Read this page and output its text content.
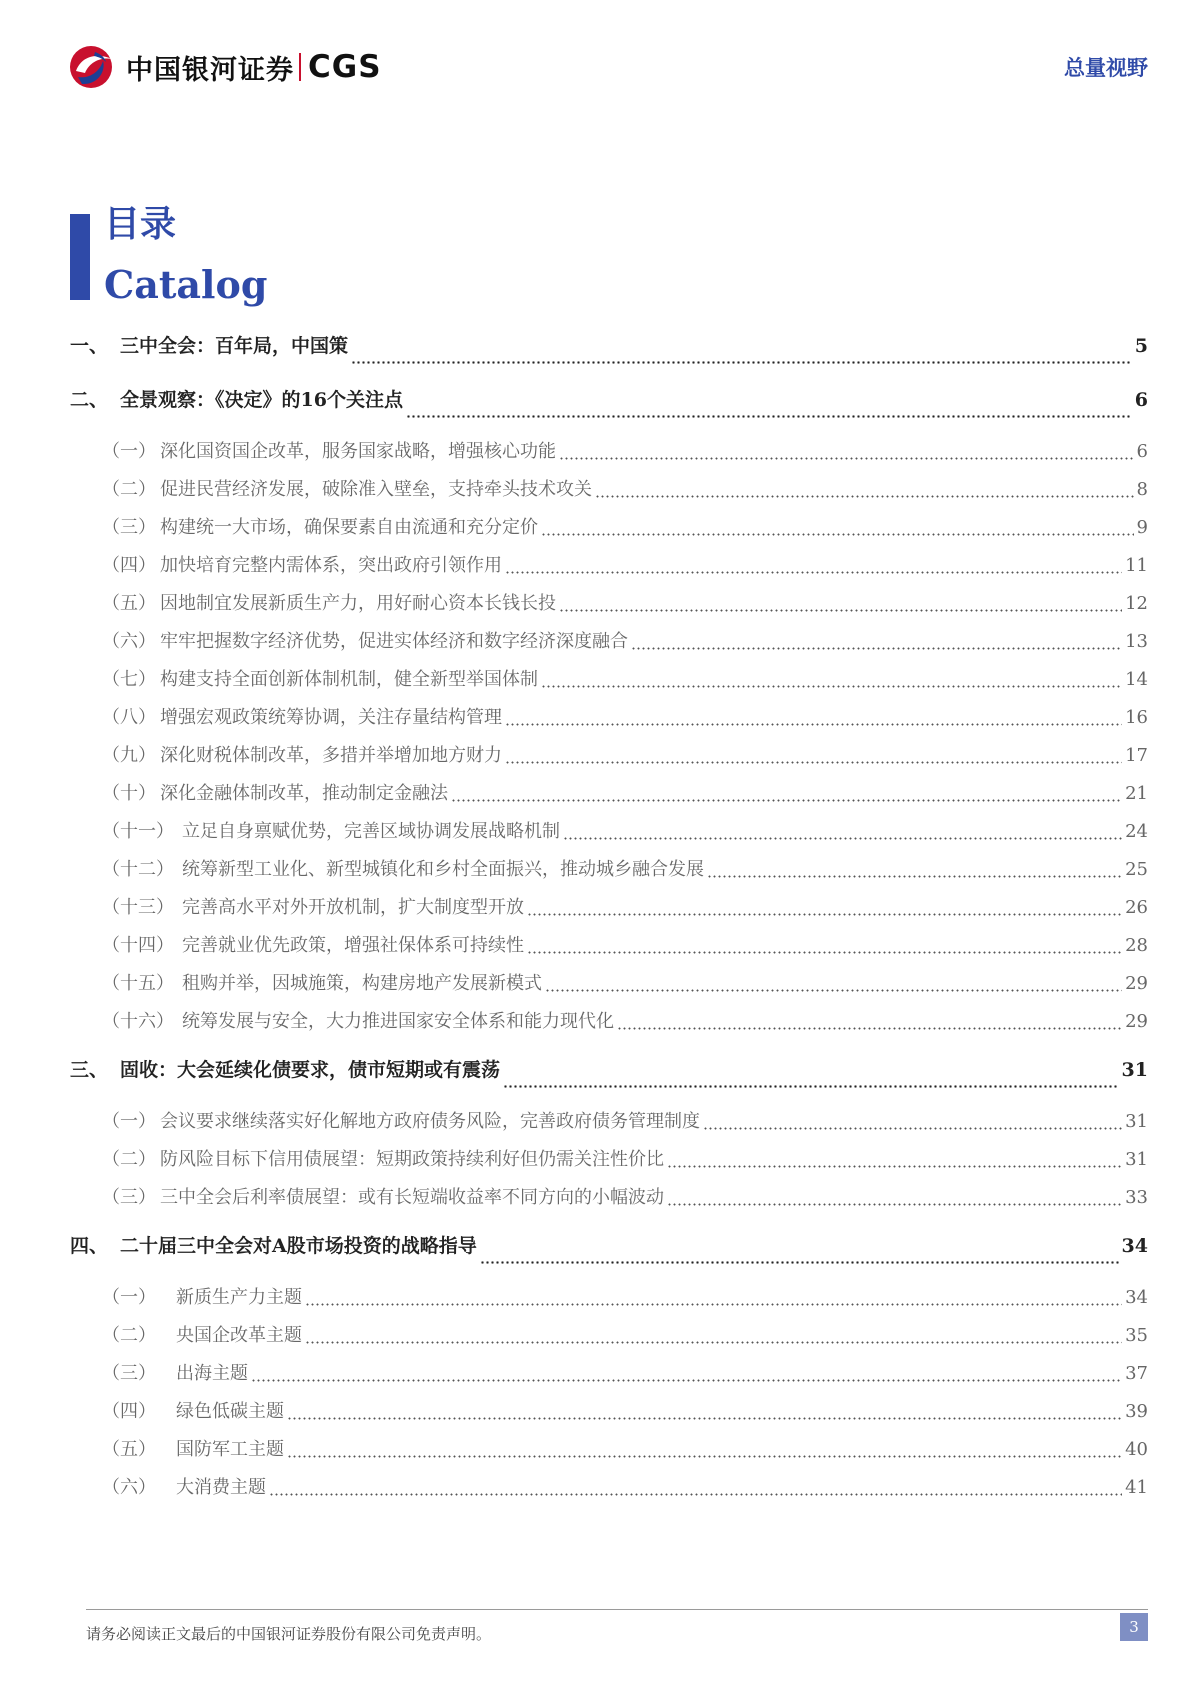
中国银河证券 CGS	总量视野
目录
Catalog
一、 三中全会：百年局，中国策	5
二、 全景观察：《决定》的16个关注点	6
（一） 深化国资国企改革，服务国家战略，增强核心功能	6
（二） 促进民营经济发展，破除准入壁垒，支持牵头技术攻关	8
（三） 构建统一大市场，确保要素自由流通和充分定价	9
（四） 加快培育完整内需体系，突出政府引领作用	11
（五） 因地制宜发展新质生产力，用好耐心资本长钱长投	12
（六） 牢牢把握数字经济优势，促进实体经济和数字经济深度融合	13
（七） 构建支持全面创新体制机制，健全新型举国体制	14
（八） 增强宏观政策统筹协调，关注存量结构管理	16
（九） 深化财税体制改革，多措并举增加地方财力	17
（十） 深化金融体制改革，推动制定金融法	21
（十一） 立足自身禀赋优势，完善区域协调发展战略机制	24
（十二） 统筹新型工业化、新型城镇化和乡村全面振兴，推动城乡融合发展	25
（十三） 完善高水平对外开放机制，扩大制度型开放	26
（十四） 完善就业优先政策，增强社保体系可持续性	28
（十五） 租购并举，因城施策，构建房地产发展新模式	29
（十六） 统筹发展与安全，大力推进国家安全体系和能力现代化	29
三、 固收：大会延续化债要求，债市短期或有震荡	31
（一） 会议要求继续落实好化解地方政府债务风险，完善政府债务管理制度	31
（二） 防风险目标下信用债展望：短期政策持续利好但仍需关注性价比	31
（三） 三中全会后利率债展望：或有长短端收益率不同方向的小幅波动	33
四、 二十届三中全会对A股市场投资的战略指导	34
（一）	新质生产力主题	34
（二）	央国企改革主题	35
（三）	出海主题	37
（四）	绿色低碳主题	39
（五）	国防军工主题	40
（六）	大消费主题	41
请务必阅读正文最后的中国银河证券股份有限公司免责声明。	3
